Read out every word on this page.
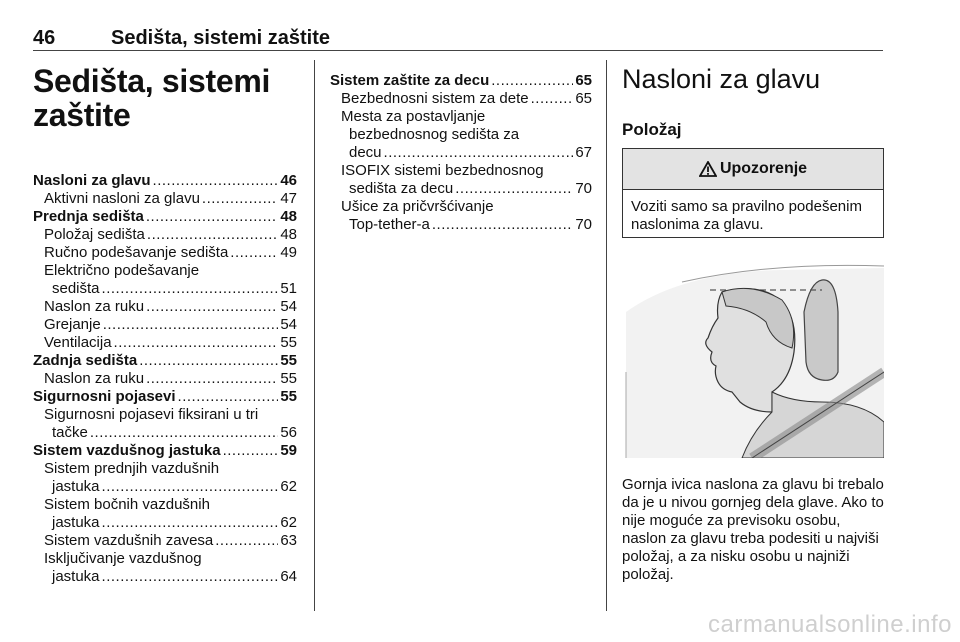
46	Sedišta, sistemi zaštite
Sedišta, sistemi
zaštite
Nasloni za glavu .....	46
Aktivni nasloni za glavu .....	47
Prednja sedišta .....	48
Položaj sedišta .....	48
Ručno podešavanje sedišta .....	49
Električno podešavanje
sedišta .....	51
Naslon za ruku .....	54
Grejanje .....	54
Ventilacija .....	55
Zadnja sedišta .....	55
Naslon za ruku .....	55
Sigurnosni pojasevi .....	55
Sigurnosni pojasevi fiksirani u tri
tačke .....	56
Sistem vazdušnog jastuka .....	59
Sistem prednjih vazdušnih
jastuka .....	62
Sistem bočnih vazdušnih
jastuka .....	62
Sistem vazdušnih zavesa .....	63
Isključivanje vazdušnog
jastuka .....	64
Sistem zaštite za decu .....	65
Bezbednosni sistem za dete .....	65
Mesta za postavljanje
bezbednosnog sedišta za
decu .....	67
ISOFIX sistemi bezbednosnog
sedišta za decu .....	70
Ušice za pričvršćivanje
Top-tether-a .....	70
Nasloni za glavu
Položaj
Upozorenje
Voziti samo sa pravilno podešenim naslonima za glavu.
Gornja ivica naslona za glavu bi trebalo da je u nivou gornjeg dela glave. Ako to nije moguće za previsoku osobu, naslon za glavu treba podesiti u najviši položaj, a za nisku osobu u najniži položaj.
carmanualsonline.info
